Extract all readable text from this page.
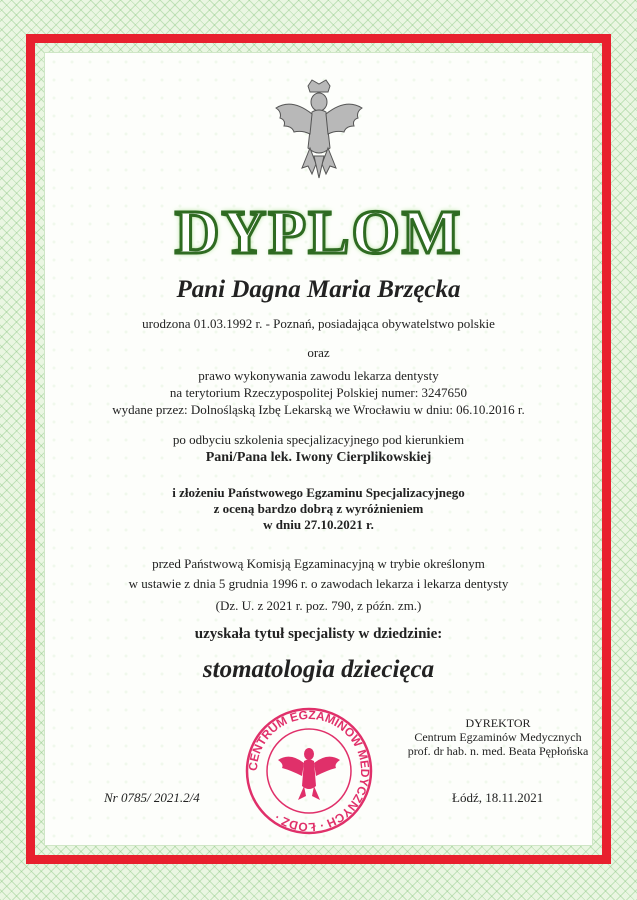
DYPLOM
Pani Dagna Maria Brzęcka
urodzona 01.03.1992 r. - Poznań, posiadająca obywatelstwo polskie
oraz
prawo wykonywania zawodu lekarza dentysty
na terytorium Rzeczypospolitej Polskiej numer: 3247650
wydane przez: Dolnośląską Izbę Lekarską we Wrocławiu w dniu: 06.10.2016 r.
po odbyciu szkolenia specjalizacyjnego pod kierunkiem
Pani/Pana lek. Iwony Cierplikowskiej
i złożeniu Państwowego Egzaminu Specjalizacyjnego
z oceną bardzo dobrą z wyróżnieniem
w dniu 27.10.2021 r.
przed Państwową Komisją Egzaminacyjną w trybie określonym
w ustawie z dnia 5 grudnia 1996 r. o zawodach lekarza i lekarza dentysty
(Dz. U. z 2021 r. poz. 790, z późn. zm.)
uzyskała tytuł specjalisty w dziedzinie:
stomatologia dziecięca
DYREKTOR
Centrum Egzaminów Medycznych
prof. dr hab. n. med. Beata Pępłońska
CENTRUM EGZAMINÓW MEDYCZNYCH · ŁÓDŹ ·
Nr 0785/ 2021.2/4	Łódź, 18.11.2021
